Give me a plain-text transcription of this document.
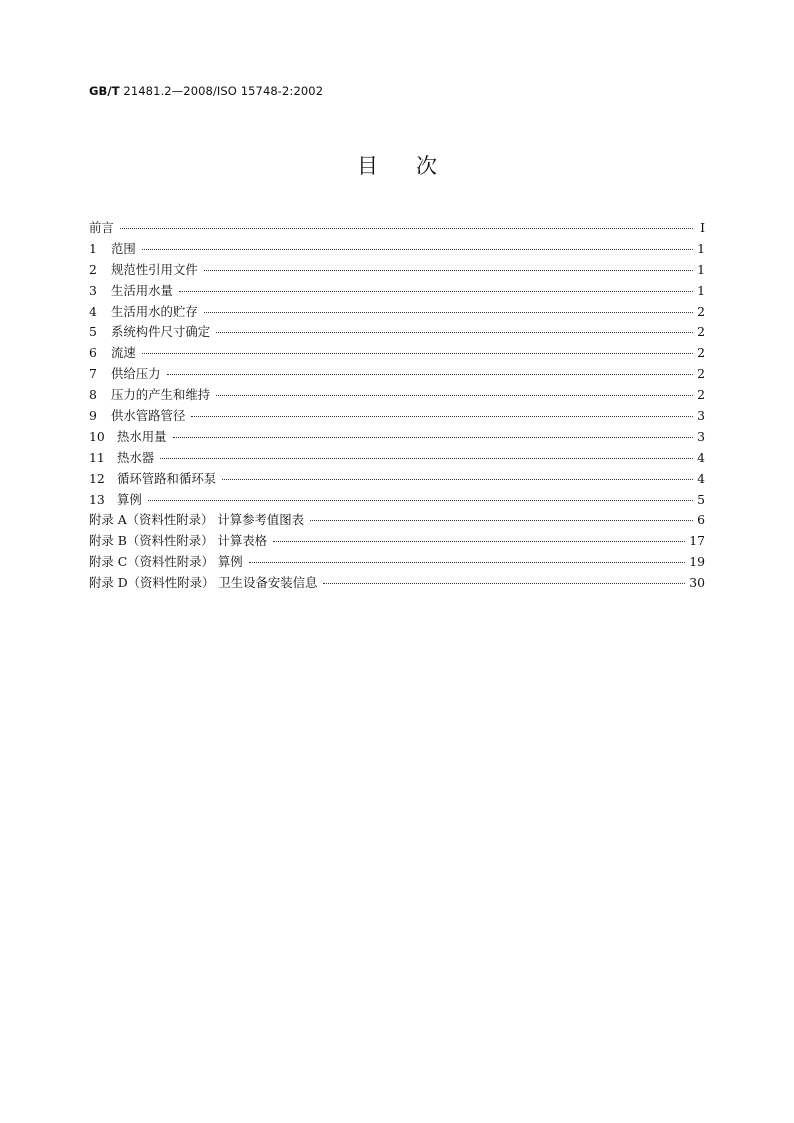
GB/T 21481.2—2008/ISO 15748-2:2002
目次
前言	I
1	范围	1
2	规范性引用文件	1
3	生活用水量	1
4	生活用水的贮存	2
5	系统构件尺寸确定	2
6	流速	2
7	供给压力	2
8	压力的产生和维持	2
9	供水管路管径	3
10 热水用量	3
11 热水器	4
12 循环管路和循环泵	4
13 算例	5
附录 A（资料性附录） 计算参考值图表	6
附录 B（资料性附录） 计算表格	17
附录 C（资料性附录） 算例	19
附录 D（资料性附录） 卫生设备安装信息	30
